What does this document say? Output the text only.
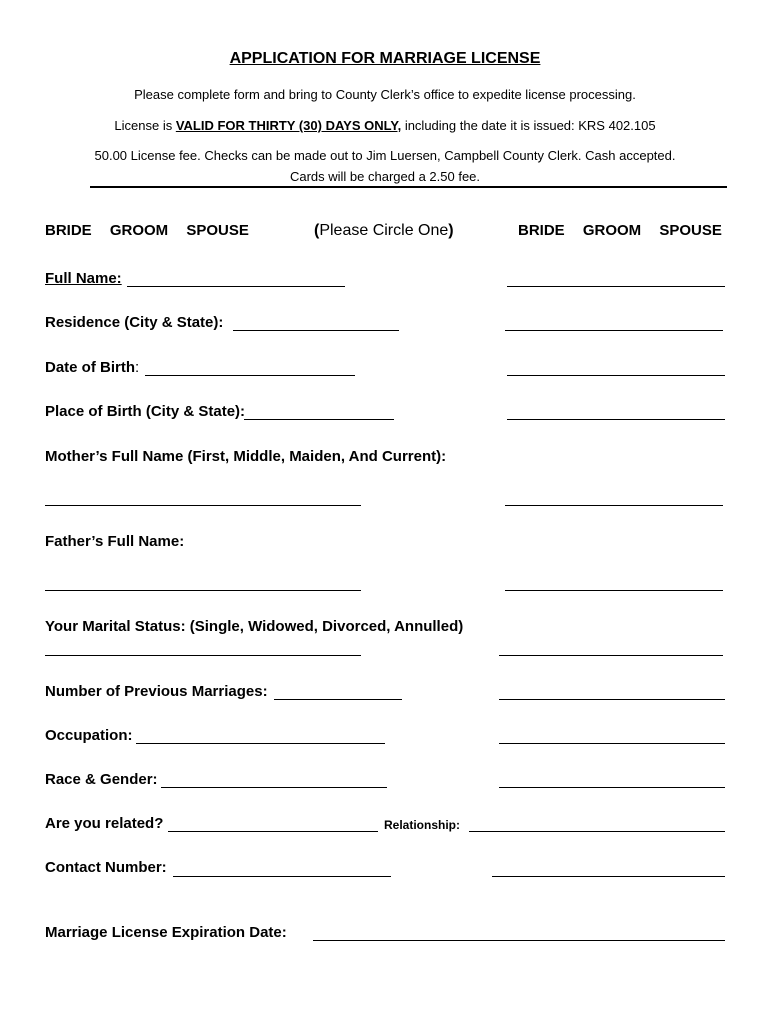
APPLICATION FOR MARRIAGE LICENSE
Please complete form and bring to County Clerk’s office to expedite license processing.
License is VALID FOR THIRTY (30) DAYS ONLY, including the date it is issued: KRS 402.105
50.00 License fee. Checks can be made out to Jim Luersen, Campbell County Clerk. Cash accepted.
Cards will be charged a 2.50 fee.
BRIDE GROOM SPOUSE	(Please Circle One)	BRIDE GROOM SPOUSE
Full Name:
Residence (City & State):
Date of Birth:
Place of Birth (City & State):
Mother’s Full Name (First, Middle, Maiden, And Current):
Father’s Full Name:
Your Marital Status: (Single, Widowed, Divorced, Annulled)
Number of Previous Marriages:
Occupation:
Race & Gender:
Are you related?	Relationship:
Contact Number:
Marriage License Expiration Date:
